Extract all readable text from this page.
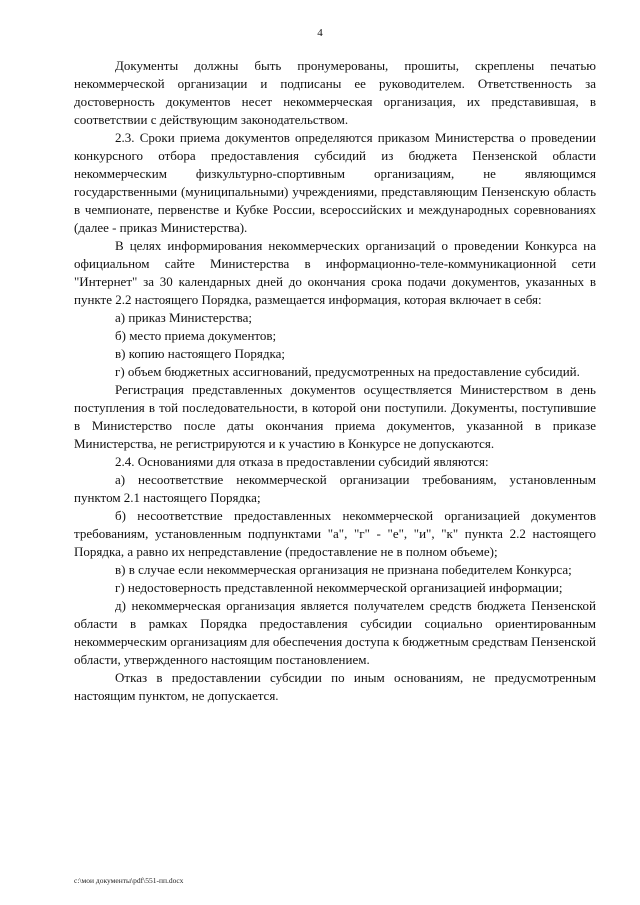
4

Документы должны быть пронумерованы, прошиты, скреплены печатью некоммерческой организации и подписаны ее руководителем. Ответственность за достоверность документов несет некоммерческая организация, их представившая, в соответствии с действующим законодательством.

2.3. Сроки приема документов определяются приказом Министерства о проведении конкурсного отбора предоставления субсидий из бюджета Пензенской области некоммерческим физкультурно-спортивным организациям, не являющимся государственными (муниципальными) учреждениями, представляющим Пензенскую область в чемпионате, первенстве и Кубке России, всероссийских и международных соревнованиях (далее - приказ Министерства).

В целях информирования некоммерческих организаций о проведении Конкурса на официальном сайте Министерства в информационно-теле-коммуникационной сети "Интернет" за 30 календарных дней до окончания срока подачи документов, указанных в пункте 2.2 настоящего Порядка, размещается информация, которая включает в себя:

а) приказ Министерства;

б) место приема документов;

в) копию настоящего Порядка;

г) объем бюджетных ассигнований, предусмотренных на предоставление субсидий.

Регистрация представленных документов осуществляется Министерством в день поступления в той последовательности, в которой они поступили. Документы, поступившие в Министерство после даты окончания приема документов, указанной в приказе Министерства, не регистрируются и к участию в Конкурсе не допускаются.

2.4. Основаниями для отказа в предоставлении субсидий являются:

а) несоответствие некоммерческой организации требованиям, установленным пунктом 2.1 настоящего Порядка;

б) несоответствие предоставленных некоммерческой организацией документов требованиям, установленным подпунктами "а", "г" - "е", "и", "к" пункта 2.2 настоящего Порядка, а равно их непредставление (предоставление не в полном объеме);

в) в случае если некоммерческая организация не признана победителем Конкурса;

г) недостоверность представленной некоммерческой организацией информации;

д) некоммерческая организация является получателем средств бюджета Пензенской области в рамках Порядка предоставления субсидии социально ориентированным некоммерческим организациям для обеспечения доступа к бюджетным средствам Пензенской области, утвержденного настоящим постановлением.

Отказ в предоставлении субсидии по иным основаниям, не предусмотренным настоящим пунктом, не допускается.

c:\мои документы\pdf\551-пп.docx
